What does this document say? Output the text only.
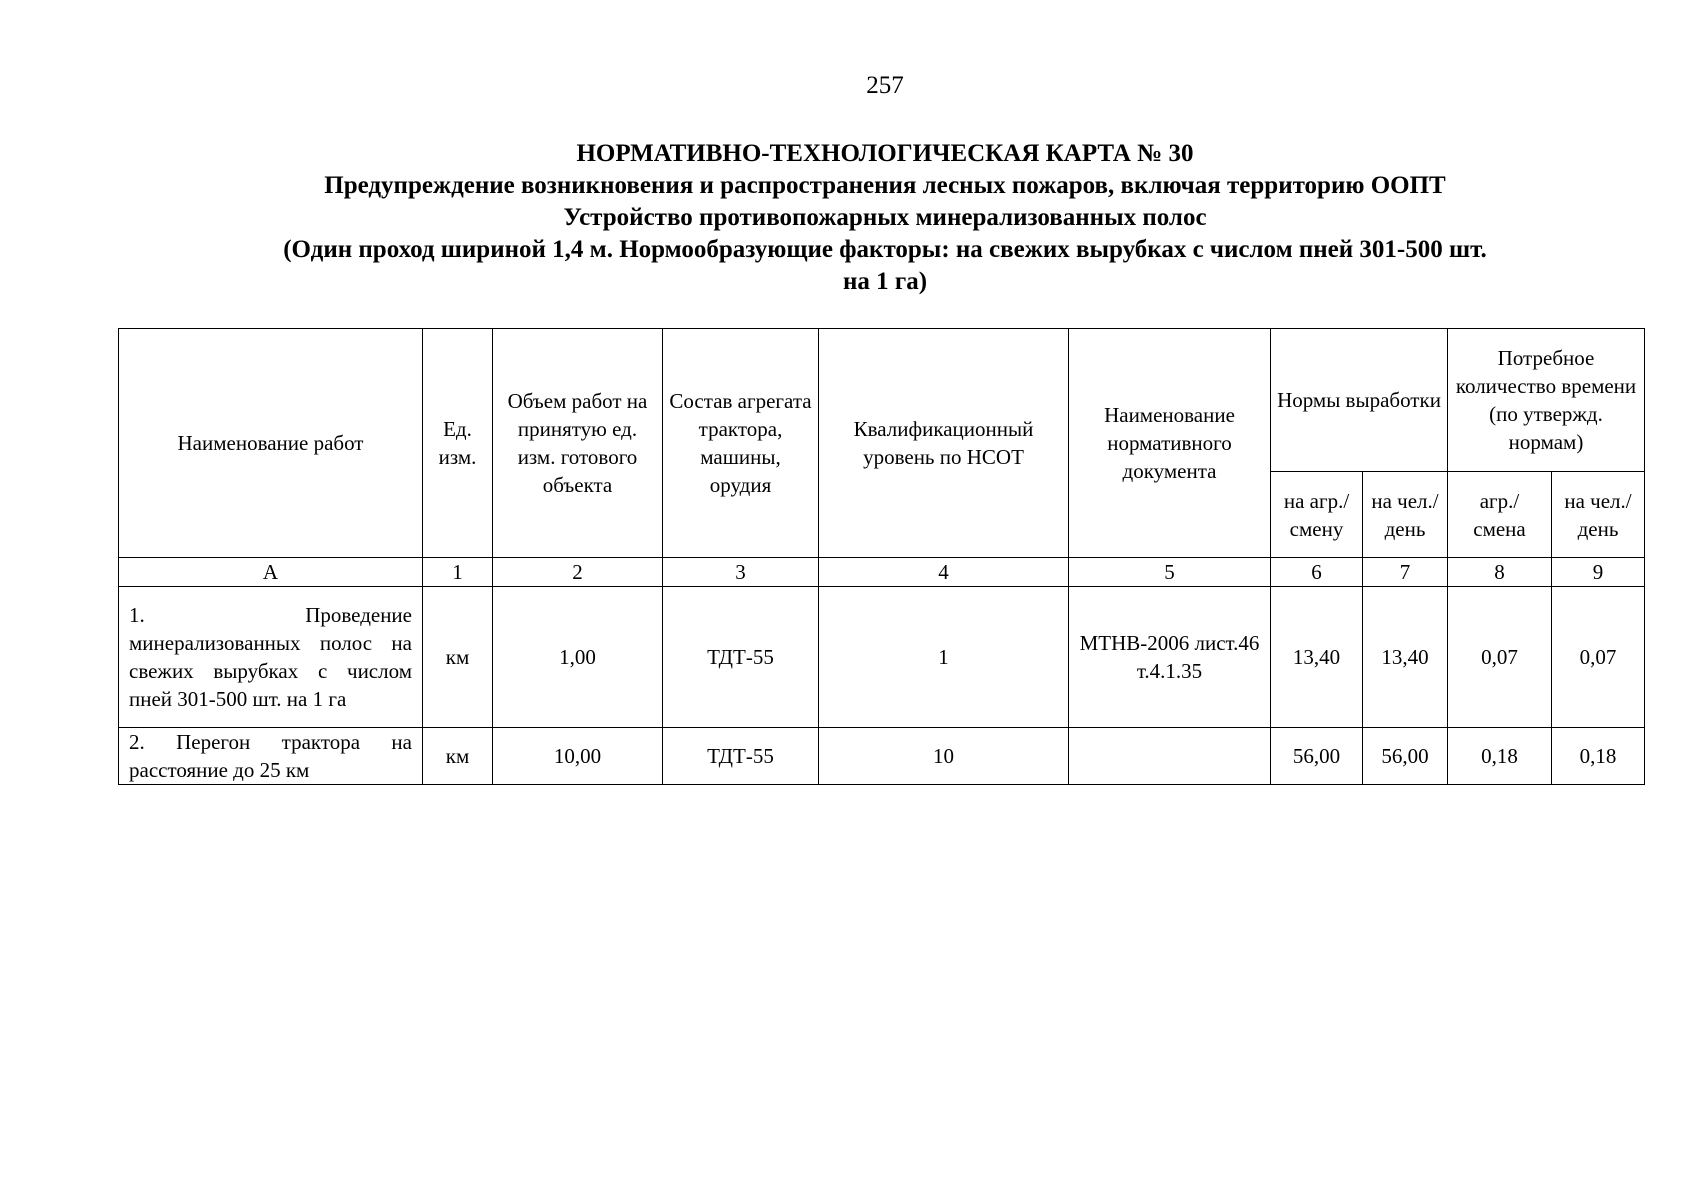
257
НОРМАТИВНО-ТЕХНОЛОГИЧЕСКАЯ КАРТА № 30
Предупреждение возникновения и распространения лесных пожаров, включая территорию ООПТ
Устройство противопожарных минерализованных полос
(Один проход шириной 1,4 м. Нормообразующие факторы: на свежих вырубках с числом пней 301-500 шт.
на 1 га)
Наименование работ	Ед. изм.	Объем работ на принятую ед. изм. готового объекта	Состав агрегата трактора, машины, орудия	Квалификационный уровень по НСОТ	Наименование нормативного документа	Нормы выработки		Потребное количество времени (по утвержд. нормам)	
						на агр./ смену	на чел./ день	агр./ смена	на чел./ день
А	1	2	3	4	5	6	7	8	9
1. Проведение минерализованных полос на свежих вырубках с числом пней 301-500 шт. на 1 га	км	1,00	ТДТ-55	1	МТНВ-2006 лист.46 т.4.1.35	13,40	13,40	0,07	0,07
2. Перегон трактора на расстояние до 25 км	км	10,00	ТДТ-55	10		56,00	56,00	0,18	0,18
